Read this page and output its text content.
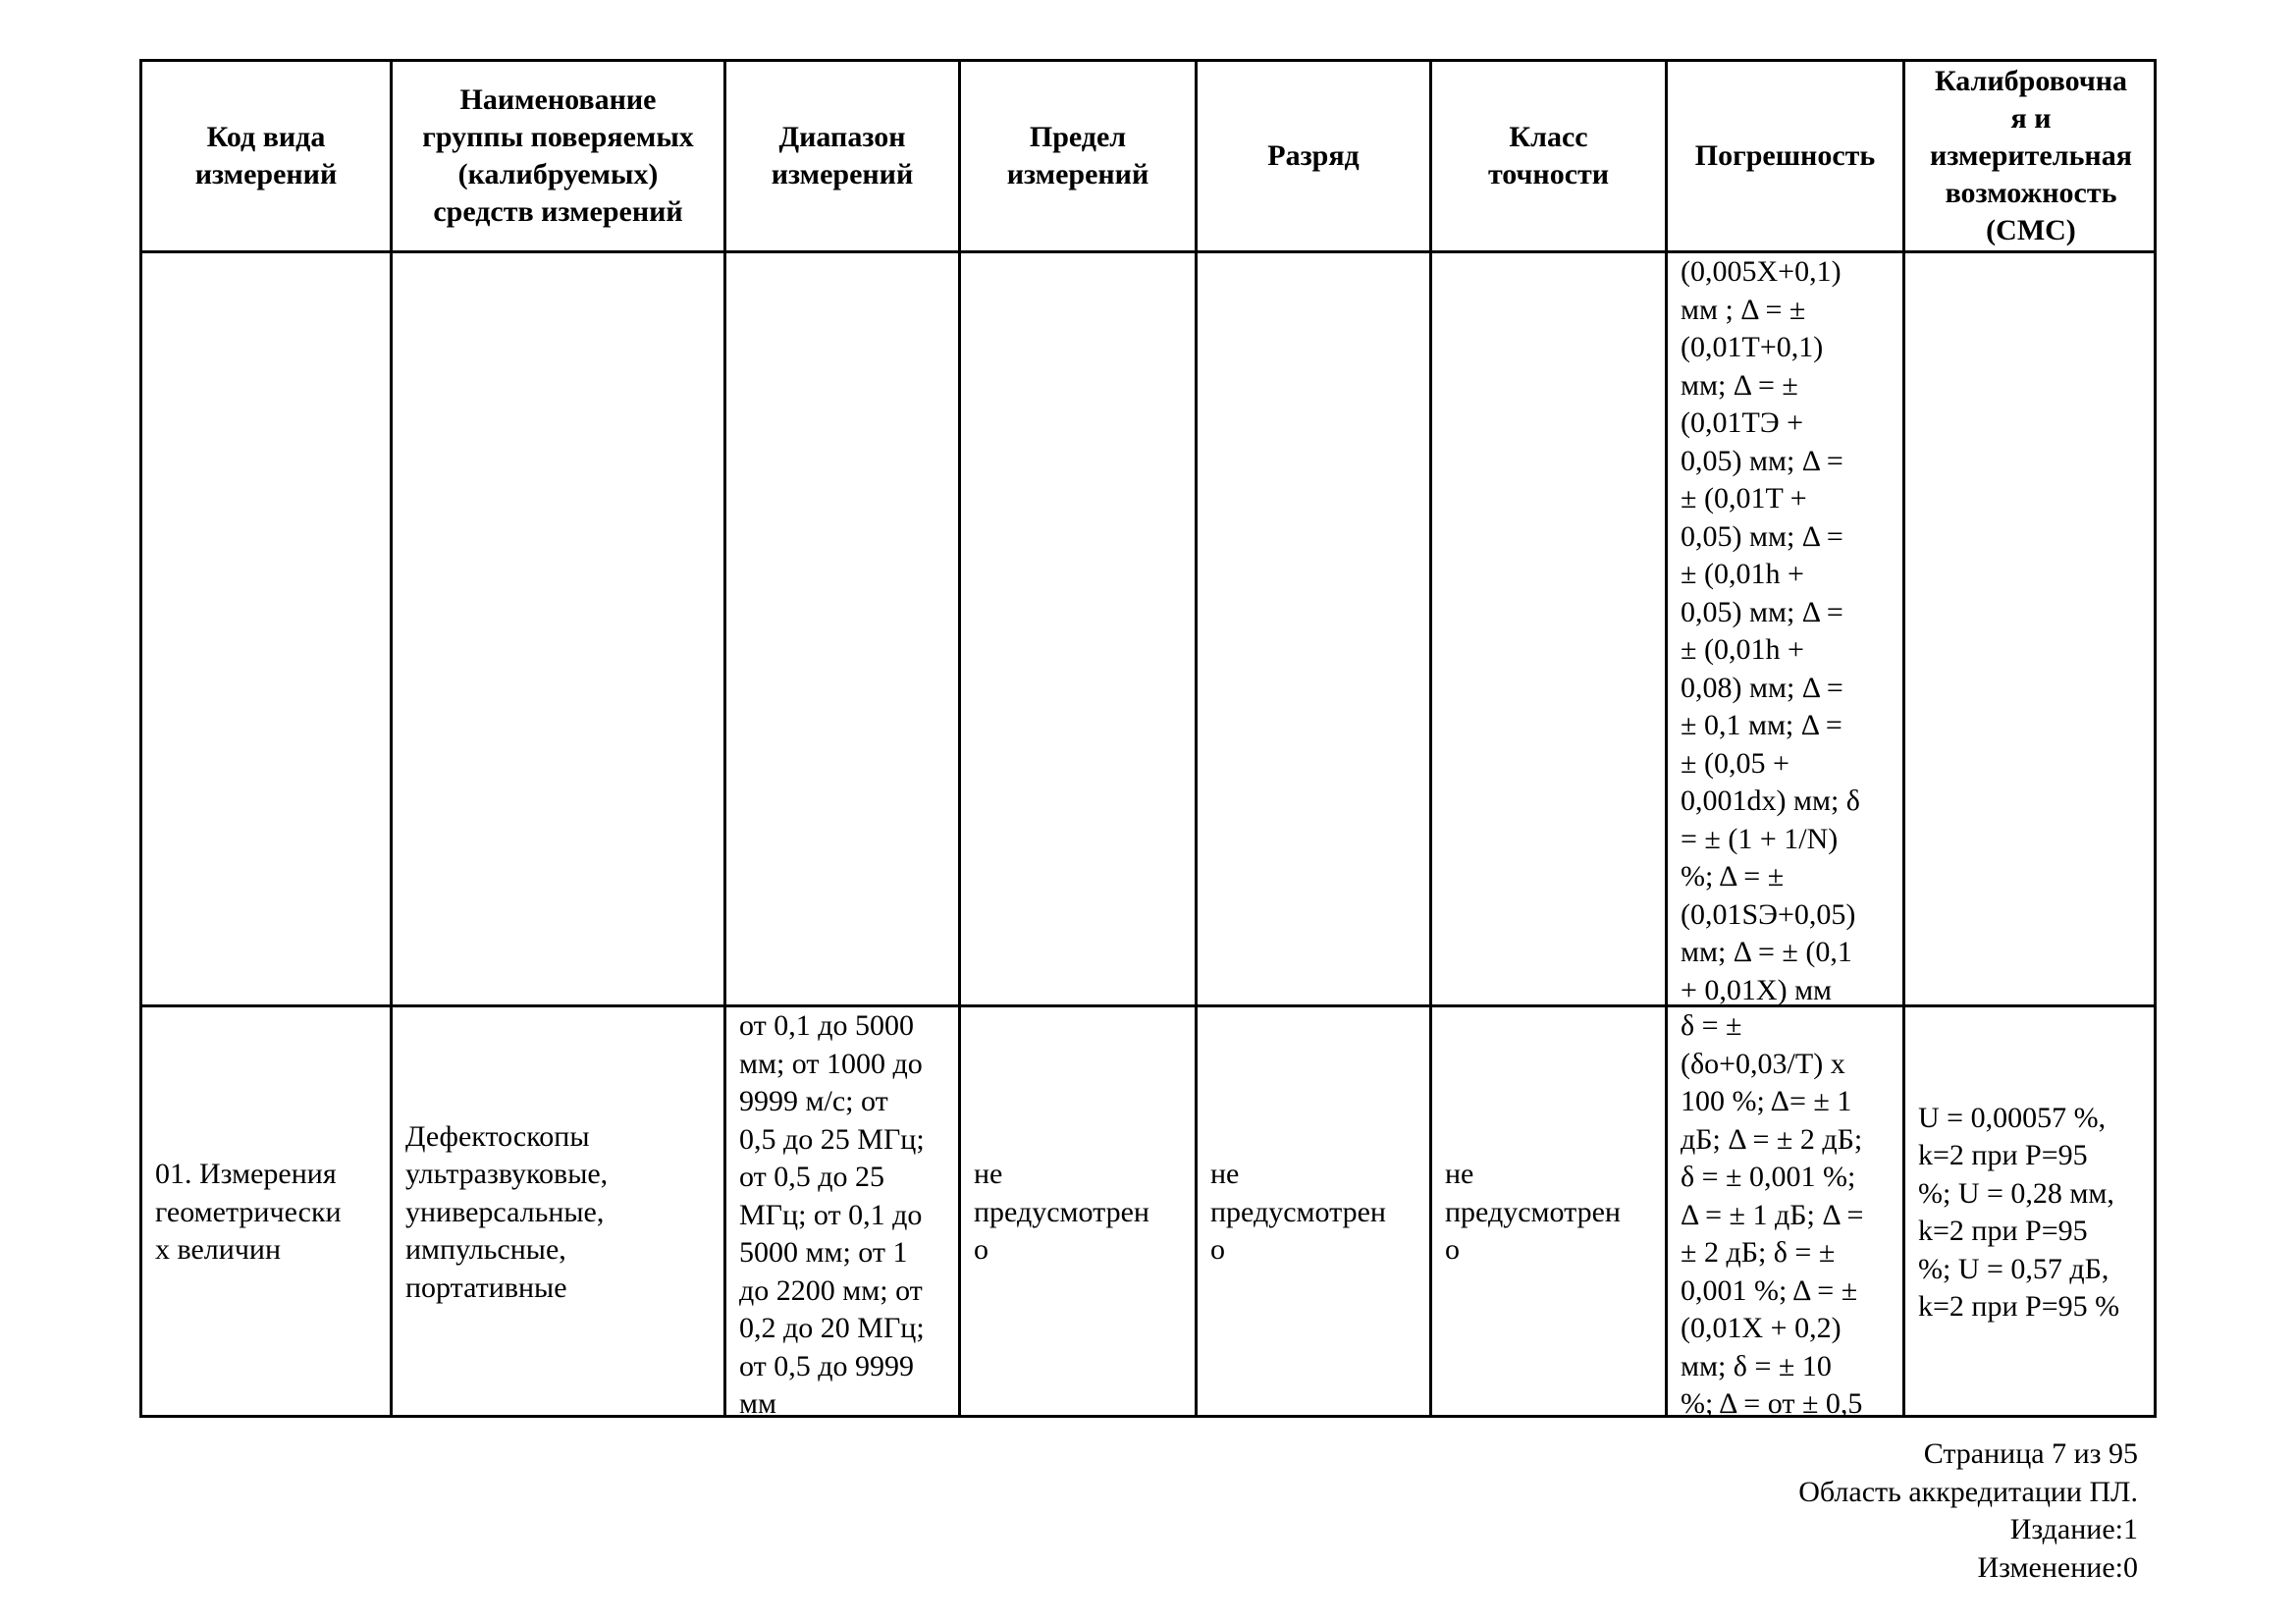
Код вида
измерений
Наименование
группы поверяемых
(калибруемых)
средств измерений
Диапазон
измерений
Предел
измерений
Разряд
Класс
точности
Погрешность
Калибровочна
я и
измерительная
возможность
(СМС)
(0,005X+0,1)
мм ; Δ = ±
(0,01T+0,1)
мм; Δ = ±
(0,01TЭ +
0,05) мм; Δ =
± (0,01T +
0,05) мм; Δ =
± (0,01h +
0,05) мм; Δ =
± (0,01h +
0,08) мм; Δ =
± 0,1 мм; Δ =
± (0,05 +
0,001dx) мм; δ
= ± (1 + 1/N)
%; Δ = ±
(0,01SЭ+0,05)
мм; Δ = ± (0,1
+ 0,01X) мм
01. Измерения
геометрически
х величин
Дефектоскопы
ультразвуковые,
универсальные,
импульсные,
портативные
от 0,1 до 5000
мм; от 1000 до
9999 м/с; от
0,5 до 25 МГц;
от 0,5 до 25
МГц; от 0,1 до
5000 мм; от 1
до 2200 мм; от
0,2 до 20 МГц;
от 0,5 до 9999
мм
не
предусмотрен
о
не
предусмотрен
о
не
предусмотрен
о
δ = ±
(δo+0,03/T) x
100 %; Δ= ± 1
дБ; Δ = ± 2 дБ;
δ = ± 0,001 %;
Δ = ± 1 дБ; Δ =
± 2 дБ; δ = ±
0,001 %; Δ = ±
(0,01X + 0,2)
мм; δ = ± 10
%; Δ = от ± 0,5
U = 0,00057 %,
k=2 при P=95
%; U = 0,28 мм,
k=2 при P=95
%; U = 0,57 дБ,
k=2 при P=95 %
Страница 7 из 95
Область аккредитации ПЛ.
Издание:1
Изменение:0
